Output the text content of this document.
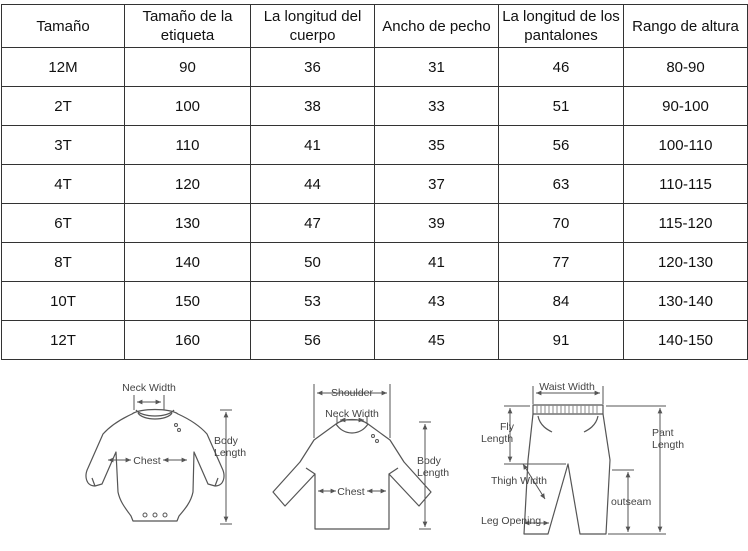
Tamaño	Tamaño de la etiqueta	La longitud del cuerpo	Ancho de pecho	La longitud de los pantalones	Rango de altura
12M	90	36	31	46	80-90
2T	100	38	33	51	90-100
3T	110	41	35	56	100-110
4T	120	44	37	63	110-115
6T	130	47	39	70	115-120
8T	140	50	41	77	120-130
10T	150	53	43	84	130-140
12T	160	56	45	91	140-150
Neck Width
Chest
Body
Length
Shoulder
Neck Width
Chest
Body
Length
Waist Width
Fly
Length	Pant
Length
Thigh Width
outseam
Leg Opening
